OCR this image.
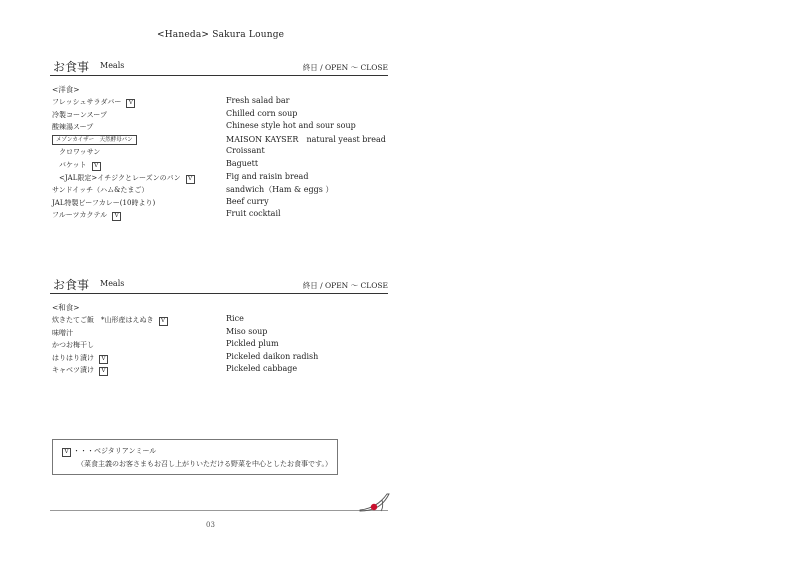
<Haneda> Sakura Lounge
お食事 Meals	終日 / OPEN 〜 CLOSE
<洋食>
フレッシュサラダバー V	Fresh salad bar
冷製コーンスープ	Chilled corn soup
酸辣湯スープ	Chinese style hot and sour soup
メゾンカイザー　天然酵母パン	MAISON KAYSER　natural yeast bread
クロワッサン	Croissant
バケット V	Baguett
<JAL限定>イチジクとレーズンのパン V	Fig and raisin bread
サンドイッチ（ハム&たまご）	sandwich（Ham & eggs ）
JAL特製ビーフカレー(10時より)	Beef curry
フルーツカクテル V	Fruit cocktail
お食事 Meals	終日 / OPEN 〜 CLOSE
<和食>
炊きたてご飯　*山形産はえぬき V	Rice
味噌汁	Miso soup
かつお梅干し	Pickled plum
はりはり漬け V	Pickeled daikon radish
キャベツ漬け V	Pickeled cabbage
V ・・・ベジタリアンミール
（菜食主義のお客さまもお召し上がりいただける野菜を中心としたお食事です。）
03
